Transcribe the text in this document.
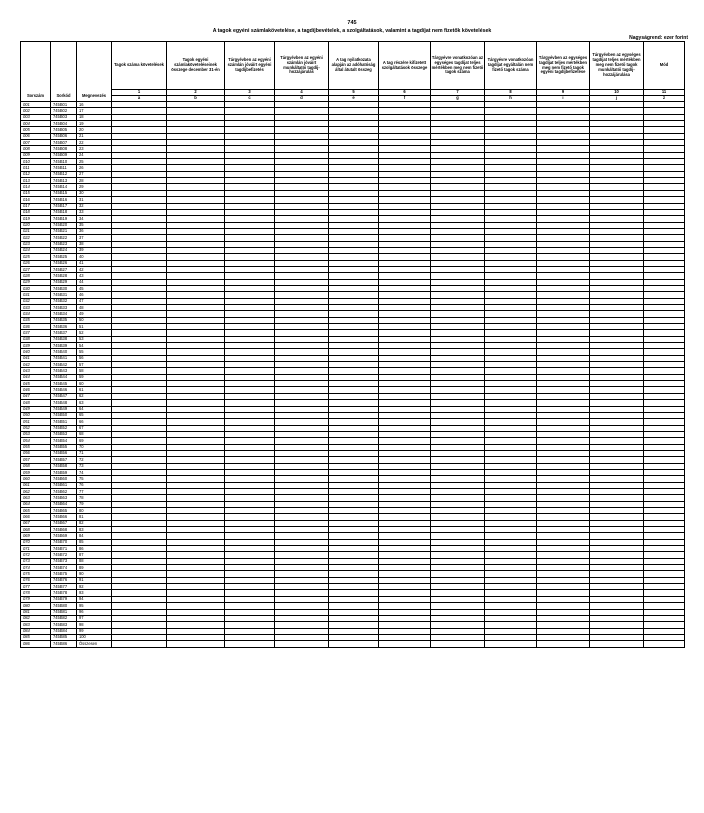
745
A tagok egyéni számlakövetelése, a tagdíjbevételek, a szolgáltatások, valamint a tagdíjat nem fizetők követelések
Nagyságrend: ezer forint
Sorszám	Sorkód	Megnevezés	Tagok száma követelések	Tagok egyéni számlaköveteléseinek összege december 31-én	Tárgyévben az egyéni számlán jóváírt egyéni tagdíjbefizetés	Tárgyévben az egyéni számlán jóváírt munkáltatói tagdíj-hozzájárulás	A tag nyilatkozata alapján az adóhatóság által átutalt összeg	A tag részére kifizetett szolgáltatások összege	Tárgyévre vonatkozóan az egységes tagdíjat teljes mértékben meg nem fizető tagok száma	Tárgyévre vonatkozóan tagdíjat egyáltalán nem fizető tagok száma	Tárgyévben az egységes tagdíjat teljes mértékben meg nem fizető tagok egyéni tagdíjbefizetése	Tárgyévben az egységes tagdíjat teljes mértékben meg nem fizető tagok munkáltatói tagdíj-hozzájárulása	Mód
			1	2	3	4	5	6	7	8	9	10	11
			a	b	c	d	e	f	g	h	i	j	z
001	745B01	16											
002	745B02	17											
003	745B03	18											
004	745B04	19											
005	745B05	20											
006	745B06	21											
007	745B07	22											
008	745B08	23											
009	745B09	24											
010	745B10	25											
011	745B11	26											
012	745B12	27											
013	745B13	28											
014	745B14	29											
015	745B15	30											
016	745B16	31											
017	745B17	32											
018	745B18	33											
019	745B19	34											
020	745B20	35											
021	745B21	36											
022	745B22	37											
023	745B23	38											
024	745B24	39											
025	745B25	40											
026	745B26	41											
027	745B27	42											
028	745B28	43											
029	745B29	44											
030	745B30	45											
031	745B31	46											
032	745B32	47											
033	745B33	48											
034	745B34	49											
035	745B35	50											
036	745B36	51											
037	745B37	52											
038	745B38	53											
039	745B39	54											
040	745B40	55											
041	745B41	56											
042	745B42	57											
043	745B43	58											
044	745B44	59											
045	745B45	60											
046	745B46	61											
047	745B47	62											
048	745B48	63											
049	745B49	64											
050	745B50	65											
051	745B51	66											
052	745B52	67											
053	745B53	68											
054	745B54	69											
055	745B55	70											
056	745B56	71											
057	745B57	72											
058	745B58	73											
059	745B59	74											
060	745B60	75											
061	745B61	76											
062	745B62	77											
063	745B63	78											
064	745B64	79											
065	745B65	80											
066	745B66	81											
067	745B67	82											
068	745B68	83											
069	745B69	84											
070	745B70	85											
071	745B71	86											
072	745B72	87											
073	745B73	88											
074	745B74	89											
075	745B75	90											
076	745B76	91											
077	745B77	92											
078	745B78	93											
079	745B79	94											
080	745B80	95											
081	745B81	96											
082	745B82	97											
083	745B83	98											
084	745B84	99											
085	745B85	100											
086	745B86	Összesen											
